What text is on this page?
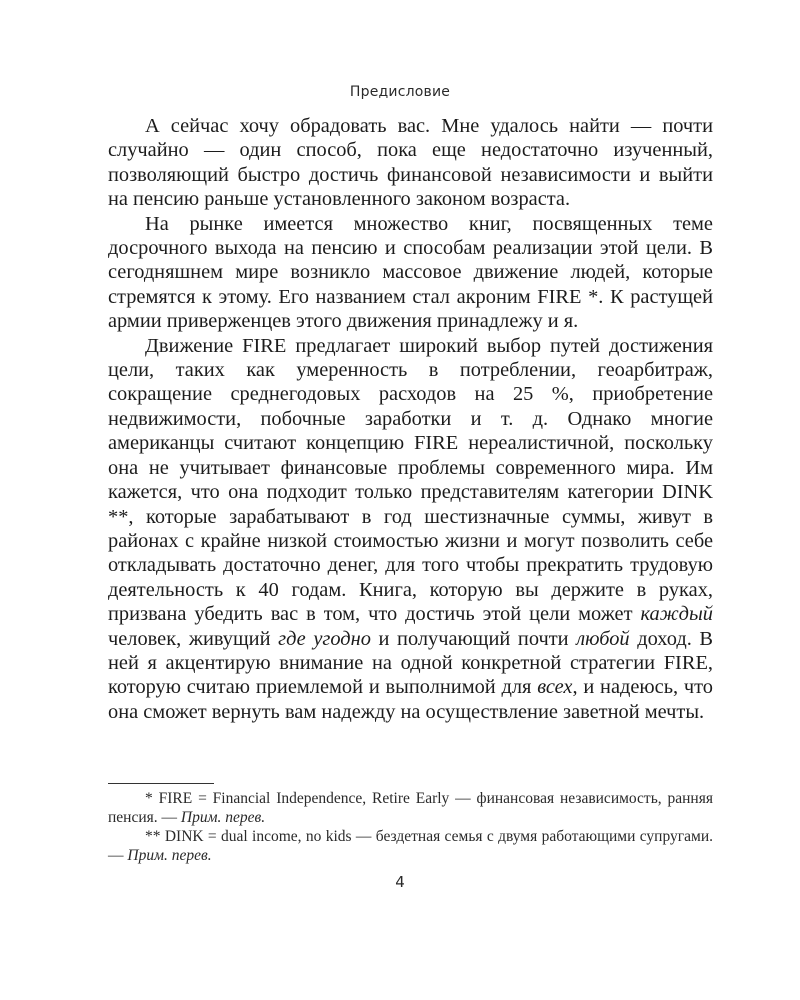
Предисловие

А сейчас хочу обрадовать вас. Мне удалось найти — почти случайно — один способ, пока еще недостаточно изученный, позволяющий быстро достичь финансовой независимости и выйти на пенсию раньше установленного законом возраста.

На рынке имеется множество книг, посвященных теме досрочного выхода на пенсию и способам реализации этой цели. В сегодняшнем мире возникло массовое движение людей, которые стремятся к этому. Его названием стал акроним FIRE *. К растущей армии приверженцев этого движения принадлежу и я.

Движение FIRE предлагает широкий выбор путей достижения цели, таких как умеренность в потреблении, геоарбитраж, сокращение среднегодовых расходов на 25 %, приобретение недвижимости, побочные заработки и т. д. Однако многие американцы считают концепцию FIRE нереалистичной, поскольку она не учитывает финансовые проблемы современного мира. Им кажется, что она подходит только представителям категории DINK **, которые зарабатывают в год шестизначные суммы, живут в районах с крайне низкой стоимостью жизни и могут позволить себе откладывать достаточно денег, для того чтобы прекратить трудовую деятельность к 40 годам. Книга, которую вы держите в руках, призвана убедить вас в том, что достичь этой цели может каждый человек, живущий где угодно и получающий почти любой доход. В ней я акцентирую внимание на одной конкретной стратегии FIRE, которую считаю приемлемой и выполнимой для всех, и надеюсь, что она сможет вернуть вам надежду на осуществление заветной мечты.

* FIRE = Financial Independence, Retire Early — финансовая независимость, ранняя пенсия. — Прим. перев.

** DINK = dual income, no kids — бездетная семья с двумя работающими супругами. — Прим. перев.

4
